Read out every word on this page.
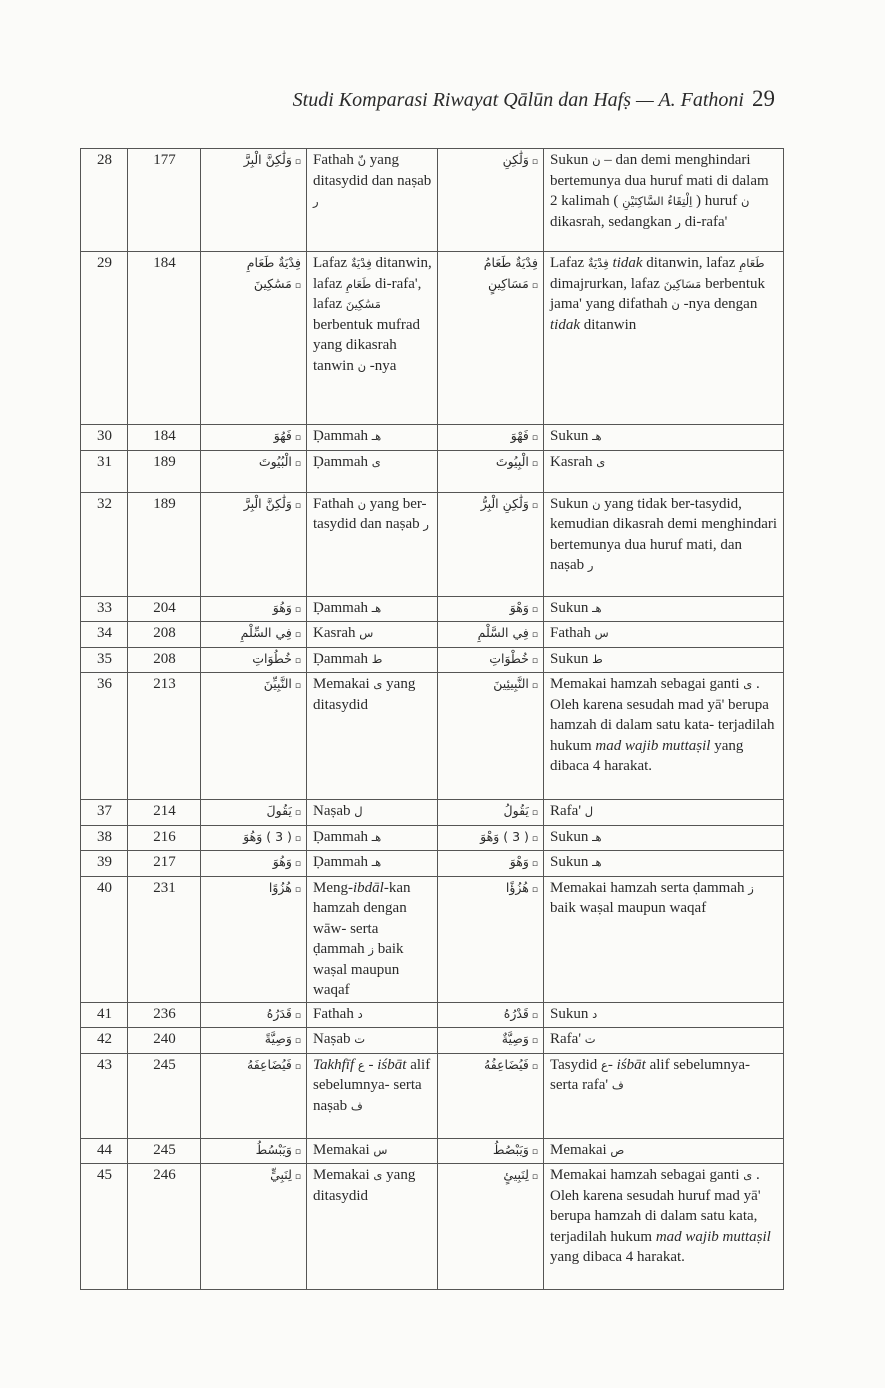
Studi Komparasi Riwayat Qālūn dan Hafṣ — A. Fathoni 29
28	177	وَلَٰكِنَّ الْبِرَّ ▫	Fathah نّ yang ditasydid dan naṣab ر	وَلَٰكِنِ ▫	Sukun ن – dan demi menghindari bertemunya dua huruf mati di dalam 2 kalimah ( اِلْتِقَاءُ السَّاكِنَيْنِ ) huruf ن dikasrah, sedangkan ر di-rafa'
29	184	فِدْيَةٌ طَعَامِ مَسَٰكِينَ ▫	Lafaz فِدْيَةٌ ditanwin, lafaz طَعَامِ di-rafa', lafaz مَسَٰكِينَ berbentuk mufrad yang dikasrah tanwin ن -nya	فِدْيَةٌ طَعَامُ مَسَاكِينٍ ▫	Lafaz فِدْيَةٌ tidak ditanwin, lafaz طَعَامِ dimajrurkan, lafaz مَسَاكِينَ berbentuk jama' yang difathah ن -nya dengan tidak ditanwin
30	184	فَهُوَ ▫	Ḍammah هـ	فَهْوَ ▫	Sukun هـ
31	189	الْبُيُوتَ ▫	Ḍammah ى	الْبِيُوتَ ▫	Kasrah ى
32	189	وَلَٰكِنَّ الْبِرَّ ▫	Fathah ن yang ber-tasydid dan naṣab ر	وَلَٰكِنِ الْبِرُّ ▫	Sukun ن yang tidak ber-tasydid, kemudian dikasrah demi menghindari bertemunya dua huruf mati, dan naṣab ر
33	204	وَهُوَ ▫	Ḍammah هـ	وَهْوَ ▫	Sukun هـ
34	208	فِي السِّلْمِ ▫	Kasrah س	فِي السَّلْمِ ▫	Fathah س
35	208	خُطُوَاتِ ▫	Ḍammah ط	خُطْوَاتِ ▫	Sukun ط
36	213	النَّبِيِّنَ ▫	Memakai ى yang ditasydid	النَّبِيئِينَ ▫	Memakai hamzah sebagai ganti ى . Oleh karena sesudah mad yā' berupa hamzah di dalam satu kata- terjadilah hukum mad wajib muttaṣil yang dibaca 4 harakat.
37	214	يَقُولَ ▫	Naṣab ل	يَقُولُ ▫	Rafa' ل
38	216	( 3 ) وَهُوَ ▫	Ḍammah هـ	( 3 ) وَهْوَ ▫	Sukun هـ
39	217	وَهُوَ ▫	Ḍammah هـ	وَهْوَ ▫	Sukun هـ
40	231	هُزُوًا ▫	Meng-ibdāl-kan hamzah dengan wāw- serta ḍammah ز baik waṣal maupun waqaf	هُزُؤًا ▫	Memakai hamzah serta ḍammah ز baik waṣal maupun waqaf
41	236	قَدَرُهُ ▫	Fathah د	قَدْرُهُ ▫	Sukun د
42	240	وَصِيَّةً ▫	Naṣab ت	وَصِيَّةٌ ▫	Rafa' ت
43	245	فَيُضَاعِفَهُ ▫	Takhfīf ع - iśbāt alif sebelumnya- serta naṣab ف	فَيُضَاعِفُهُ ▫	Tasydid ع- iśbāt alif sebelumnya-serta rafa' ف
44	245	وَيَبْسُطُ ▫	Memakai س	وَيَبْصُطُ ▫	Memakai ص
45	246	لِنَبِيٍّ ▫	Memakai ى yang ditasydid	لِنَبِيئٍ ▫	Memakai hamzah sebagai ganti ى . Oleh karena sesudah huruf mad yā' berupa hamzah di dalam satu kata, terjadilah hukum mad wajib muttaṣil yang dibaca 4 harakat.
